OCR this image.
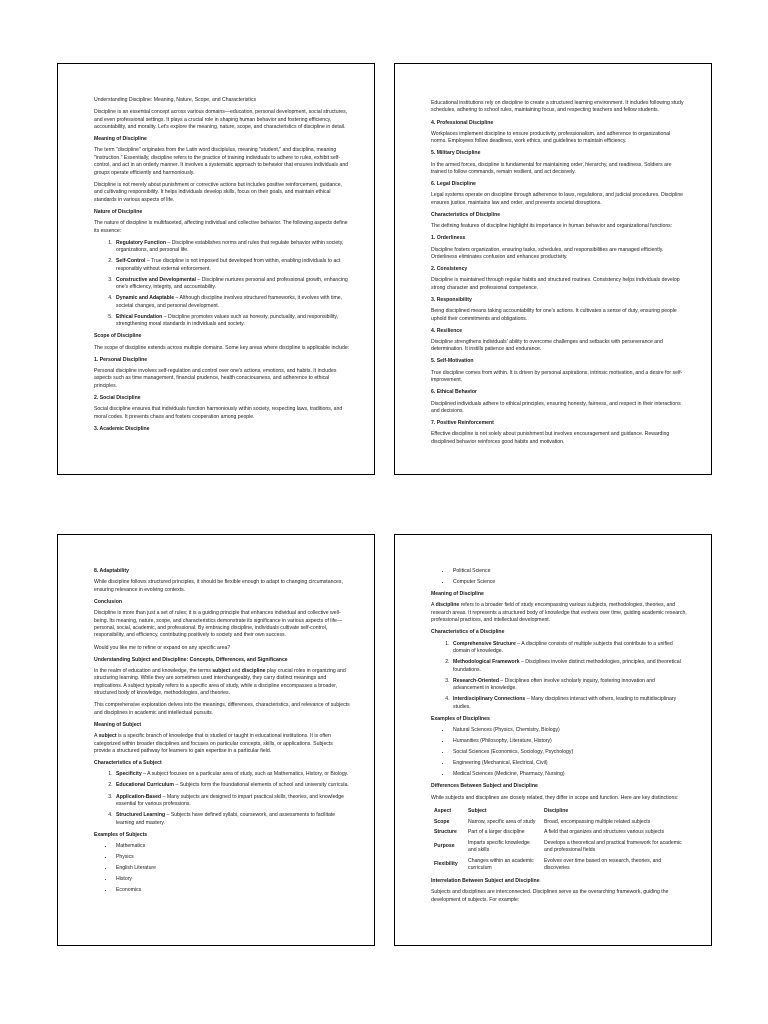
Understanding Discipline: Meaning, Nature, Scope, and Characteristics

Discipline is an essential concept across various domains—education, personal development, social structures, and even professional settings. It plays a crucial role in shaping human behavior and fostering efficiency, accountability, and morality. Let's explore the meaning, nature, scope, and characteristics of discipline in detail.

Meaning of Discipline

The term "discipline" originates from the Latin word disciplulus, meaning "student," and disciplina, meaning "instruction." Essentially, discipline refers to the practice of training individuals to adhere to rules, exhibit self-control, and act in an orderly manner. It involves a systematic approach to behavior that ensures individuals and groups operate efficiently and harmoniously.

Discipline is not merely about punishment or corrective actions but includes positive reinforcement, guidance, and cultivating responsibility. It helps individuals develop skills, focus on their goals, and maintain ethical standards in various aspects of life.

Nature of Discipline

The nature of discipline is multifaceted, affecting individual and collective behavior. The following aspects define its essence:

1. Regulatory Function – Discipline establishes norms and rules that regulate behavior within society, organizations, and personal life.
2. Self-Control – True discipline is not imposed but developed from within, enabling individuals to act responsibly without external enforcement.
3. Constructive and Developmental – Discipline nurtures personal and professional growth, enhancing one's efficiency, integrity, and accountability.
4. Dynamic and Adaptable – Although discipline involves structured frameworks, it evolves with time, societal changes, and personal development.
5. Ethical Foundation – Discipline promotes values such as honesty, punctuality, and responsibility, strengthening moral standards in individuals and society.

Scope of Discipline

The scope of discipline extends across multiple domains. Some key areas where discipline is applicable include:

1. Personal Discipline

Personal discipline involves self-regulation and control over one's actions, emotions, and habits. It includes aspects such as time management, financial prudence, health consciousness, and adherence to ethical principles.

2. Social Discipline

Social discipline ensures that individuals function harmoniously within society, respecting laws, traditions, and moral codes. It prevents chaos and fosters cooperation among people.

3. Academic Discipline

Educational institutions rely on discipline to create a structured learning environment. It includes following study schedules, adhering to school rules, maintaining focus, and respecting teachers and fellow students.

4. Professional Discipline

Workplaces implement discipline to ensure productivity, professionalism, and adherence to organizational norms. Employees follow deadlines, work ethics, and guidelines to maintain efficiency.

5. Military Discipline

In the armed forces, discipline is fundamental for maintaining order, hierarchy, and readiness. Soldiers are trained to follow commands, remain resilient, and act decisively.

6. Legal Discipline

Legal systems operate on discipline through adherence to laws, regulations, and judicial procedures. Discipline ensures justice, maintains law and order, and prevents societal disruptions.

Characteristics of Discipline

The defining features of discipline highlight its importance in human behavior and organizational functions:

1. Orderliness

Discipline fosters organization, ensuring tasks, schedules, and responsibilities are managed efficiently. Orderliness eliminates confusion and enhances productivity.

2. Consistency

Discipline is maintained through regular habits and structured routines. Consistency helps individuals develop strong character and professional competence.

3. Responsibility

Being disciplined means taking accountability for one's actions. It cultivates a sense of duty, ensuring people uphold their commitments and obligations.

4. Resilience

Discipline strengthens individuals' ability to overcome challenges and setbacks with perseverance and determination. It instills patience and endurance.

5. Self-Motivation

True discipline comes from within. It is driven by personal aspirations, intrinsic motivation, and a desire for self-improvement.

6. Ethical Behavior

Disciplined individuals adhere to ethical principles, ensuring honesty, fairness, and respect in their interactions and decisions.

7. Positive Reinforcement

Effective discipline is not solely about punishment but involves encouragement and guidance. Rewarding disciplined behavior reinforces good habits and motivation.

8. Adaptability

While discipline follows structured principles, it should be flexible enough to adapt to changing circumstances, ensuring relevance in evolving contexts.

Conclusion

Discipline is more than just a set of rules; it is a guiding principle that enhances individual and collective well-being. Its meaning, nature, scope, and characteristics demonstrate its significance in various aspects of life—personal, social, academic, and professional. By embracing discipline, individuals cultivate self-control, responsibility, and efficiency, contributing positively to society and their own success.

Would you like me to refine or expand on any specific area?

Understanding Subject and Discipline: Concepts, Differences, and Significance

In the realm of education and knowledge, the terms subject and discipline play crucial roles in organizing and structuring learning. While they are sometimes used interchangeably, they carry distinct meanings and implications. A subject typically refers to a specific area of study, while a discipline encompasses a broader, structured body of knowledge, methodologies, and theories.

This comprehensive exploration delves into the meanings, differences, characteristics, and relevance of subjects and disciplines in academic and intellectual pursuits.

Meaning of Subject

A subject is a specific branch of knowledge that is studied or taught in educational institutions. It is often categorized within broader disciplines and focuses on particular concepts, skills, or applications. Subjects provide a structured pathway for learners to gain expertise in a particular field.

Characteristics of a Subject

1. Specificity – A subject focuses on a particular area of study, such as Mathematics, History, or Biology.
2. Educational Curriculum – Subjects form the foundational elements of school and university curricula.
3. Application-Based – Many subjects are designed to impart practical skills, theories, and knowledge essential for various professions.
4. Structured Learning – Subjects have defined syllabi, coursework, and assessments to facilitate learning and mastery.

Examples of Subjects

• Mathematics
• Physics
• English Literature
• History
• Economics
• Political Science
• Computer Science

Meaning of Discipline

A discipline refers to a broader field of study encompassing various subjects, methodologies, theories, and research areas. It represents a structured body of knowledge that evolves over time, guiding academic research, professional practices, and intellectual development.

Characteristics of a Discipline

1. Comprehensive Structure – A discipline consists of multiple subjects that contribute to a unified domain of knowledge.
2. Methodological Framework – Disciplines involve distinct methodologies, principles, and theoretical foundations.
3. Research-Oriented – Disciplines often involve scholarly inquiry, fostering innovation and advancement in knowledge.
4. Interdisciplinary Connections – Many disciplines interact with others, leading to multidisciplinary studies.

Examples of Disciplines

• Natural Sciences (Physics, Chemistry, Biology)
• Humanities (Philosophy, Literature, History)
• Social Sciences (Economics, Sociology, Psychology)
• Engineering (Mechanical, Electrical, Civil)
• Medical Sciences (Medicine, Pharmacy, Nursing)

Differences Between Subject and Discipline

While subjects and disciplines are closely related, they differ in scope and function. Here are key distinctions:

Aspect	Subject	Discipline
Scope	Narrow, specific area of study	Broad, encompassing multiple related subjects
Structure	Part of a larger discipline	A field that organizes and structures various subjects
Purpose	Imparts specific knowledge and skills	Develops a theoretical and practical framework for academic and professional fields
Flexibility	Changes within an academic curriculum	Evolves over time based on research, theories, and discoveries

Interrelation Between Subject and Discipline

Subjects and disciplines are interconnected. Disciplines serve as the overarching framework, guiding the development of subjects. For example:
